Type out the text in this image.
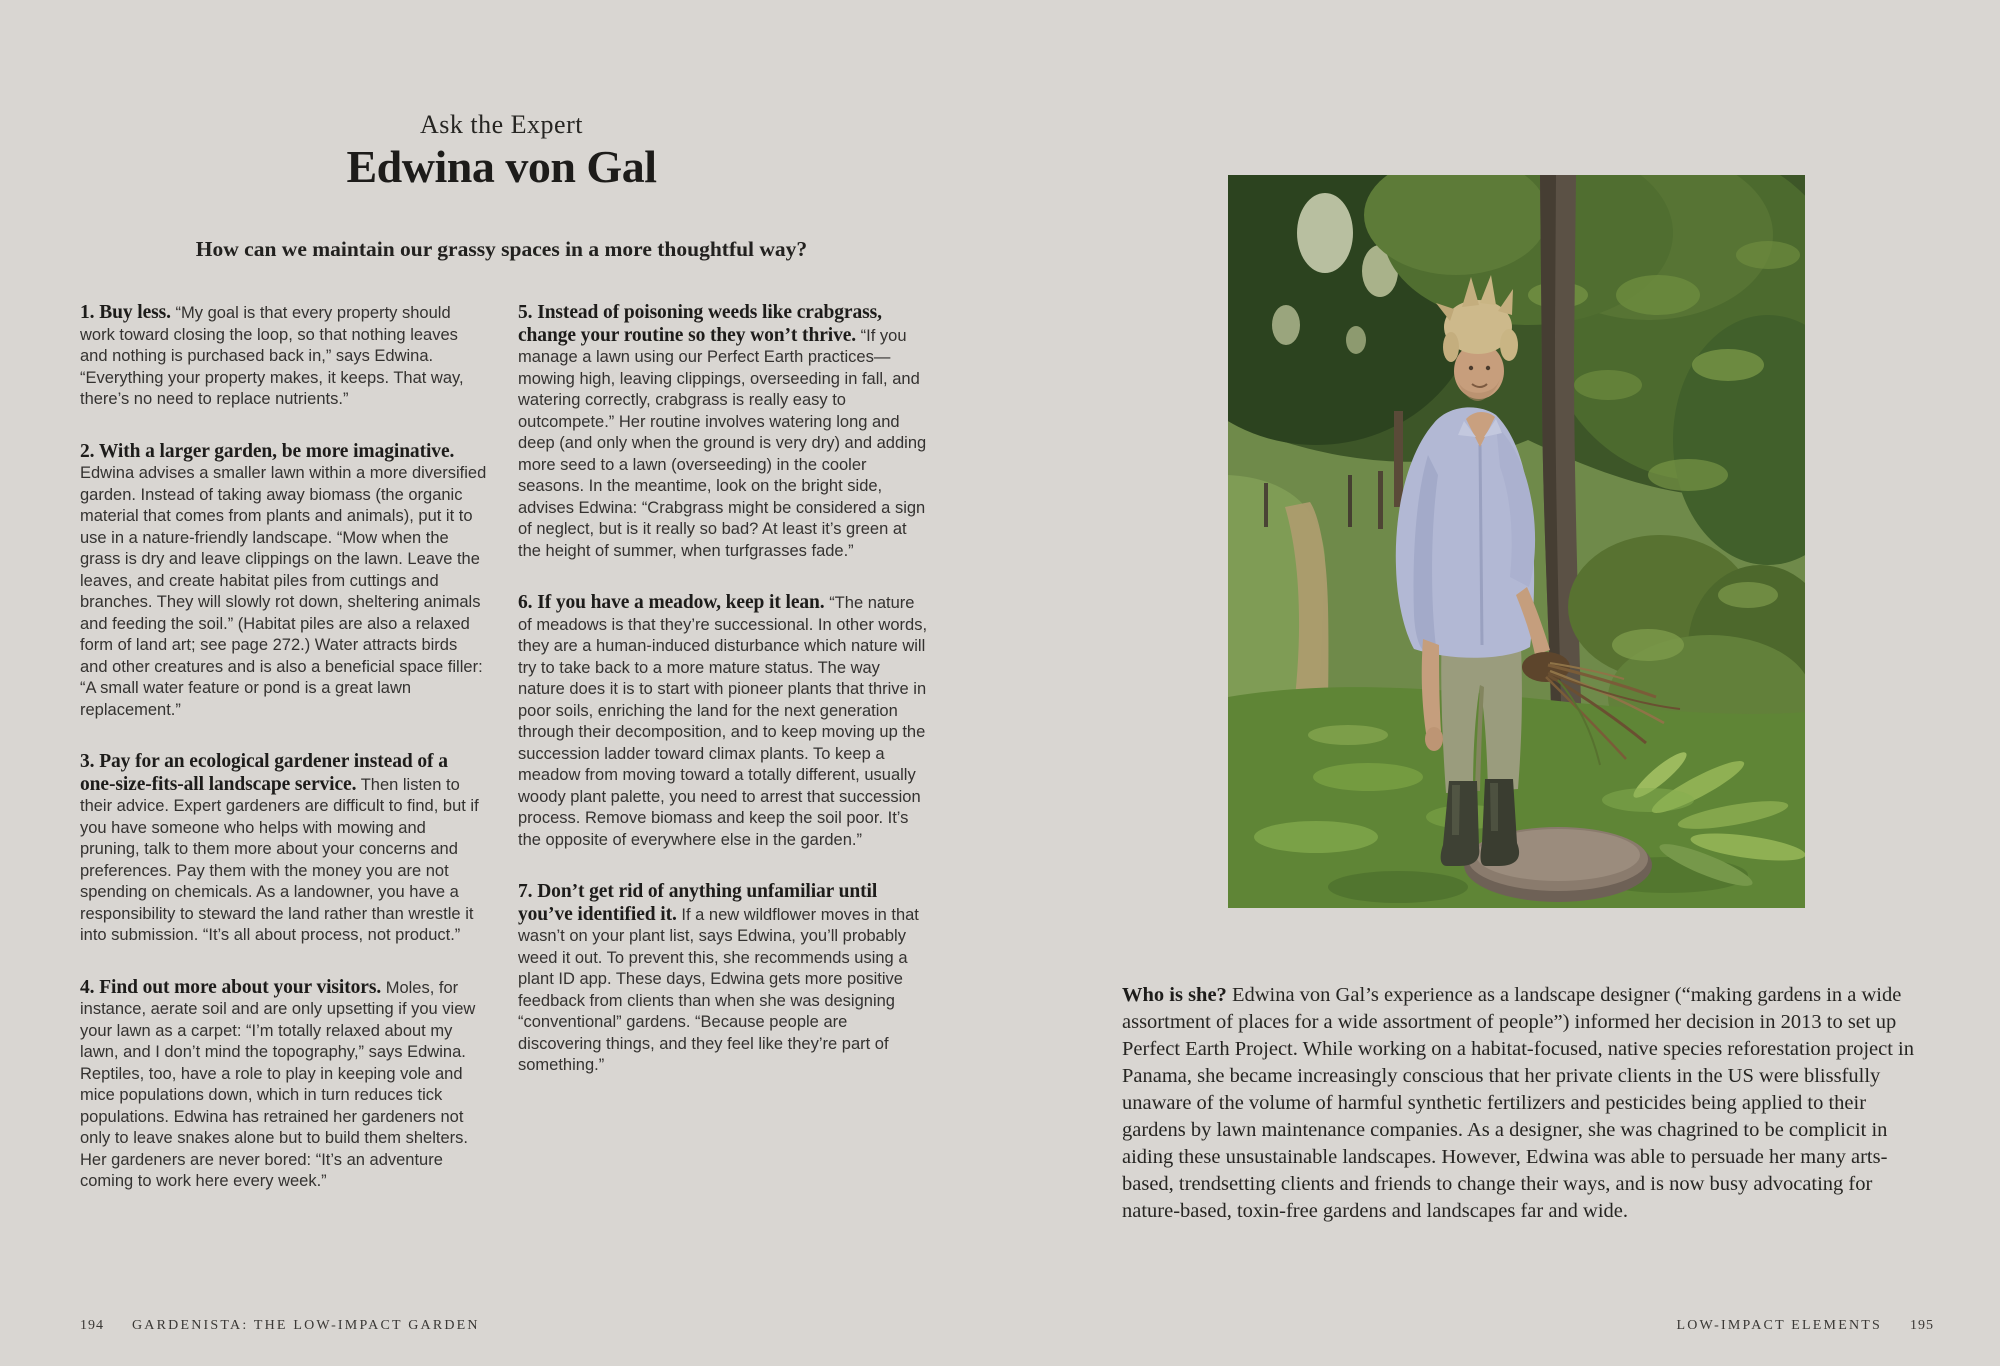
Ask the Expert
Edwina von Gal
How can we maintain our grassy spaces in a more thoughtful way?

1. Buy less. “My goal is that every property should work toward closing the loop, so that nothing leaves and nothing is purchased back in,” says Edwina. “Everything your property makes, it keeps. That way, there’s no need to replace nutrients.”

2. With a larger garden, be more imaginative. Edwina advises a smaller lawn within a more diversified garden. Instead of taking away biomass (the organic material that comes from plants and animals), put it to use in a nature-friendly landscape. “Mow when the grass is dry and leave clippings on the lawn. Leave the leaves, and create habitat piles from cuttings and branches. They will slowly rot down, sheltering animals and feeding the soil.” (Habitat piles are also a relaxed form of land art; see page 272.) Water attracts birds and other creatures and is also a beneficial space filler: “A small water feature or pond is a great lawn replacement.”

3. Pay for an ecological gardener instead of a one-size-fits-all landscape service. Then listen to their advice. Expert gardeners are difficult to find, but if you have someone who helps with mowing and pruning, talk to them more about your concerns and preferences. Pay them with the money you are not spending on chemicals. As a landowner, you have a responsibility to steward the land rather than wrestle it into submission. “It’s all about process, not product.”

4. Find out more about your visitors. Moles, for instance, aerate soil and are only upsetting if you view your lawn as a carpet: “I’m totally relaxed about my lawn, and I don’t mind the topography,” says Edwina. Reptiles, too, have a role to play in keeping vole and mice populations down, which in turn reduces tick populations. Edwina has retrained her gardeners not only to leave snakes alone but to build them shelters. Her gardeners are never bored: “It’s an adventure coming to work here every week.”

5. Instead of poisoning weeds like crabgrass, change your routine so they won’t thrive. “If you manage a lawn using our Perfect Earth practices—mowing high, leaving clippings, overseeding in fall, and watering correctly, crabgrass is really easy to outcompete.” Her routine involves watering long and deep (and only when the ground is very dry) and adding more seed to a lawn (overseeding) in the cooler seasons. In the meantime, look on the bright side, advises Edwina: “Crabgrass might be considered a sign of neglect, but is it really so bad? At least it’s green at the height of summer, when turfgrasses fade.”

6. If you have a meadow, keep it lean. “The nature of meadows is that they’re successional. In other words, they are a human-induced disturbance which nature will try to take back to a more mature status. The way nature does it is to start with pioneer plants that thrive in poor soils, enriching the land for the next generation through their decomposition, and to keep moving up the succession ladder toward climax plants. To keep a meadow from moving toward a totally different, usually woody plant palette, you need to arrest that succession process. Remove biomass and keep the soil poor. It’s the opposite of everywhere else in the garden.”

7. Don’t get rid of anything unfamiliar until you’ve identified it. If a new wildflower moves in that wasn’t on your plant list, says Edwina, you’ll probably weed it out. To prevent this, she recommends using a plant ID app. These days, Edwina gets more positive feedback from clients than when she was designing “conventional” gardens. “Because people are discovering things, and they feel like they’re part of something.”

Who is she? Edwina von Gal’s experience as a landscape designer (“making gardens in a wide assortment of places for a wide assortment of people”) informed her decision in 2013 to set up Perfect Earth Project. While working on a habitat-focused, native species reforestation project in Panama, she became increasingly conscious that her private clients in the US were blissfully unaware of the volume of harmful synthetic fertilizers and pesticides being applied to their gardens by lawn maintenance companies. As a designer, she was chagrined to be complicit in aiding these unsustainable landscapes. However, Edwina was able to persuade her many arts-based, trendsetting clients and friends to change their ways, and is now busy advocating for nature-based, toxin-free gardens and landscapes far and wide.
194 GARDENISTA: THE LOW-IMPACT GARDEN	LOW-IMPACT ELEMENTS 195
